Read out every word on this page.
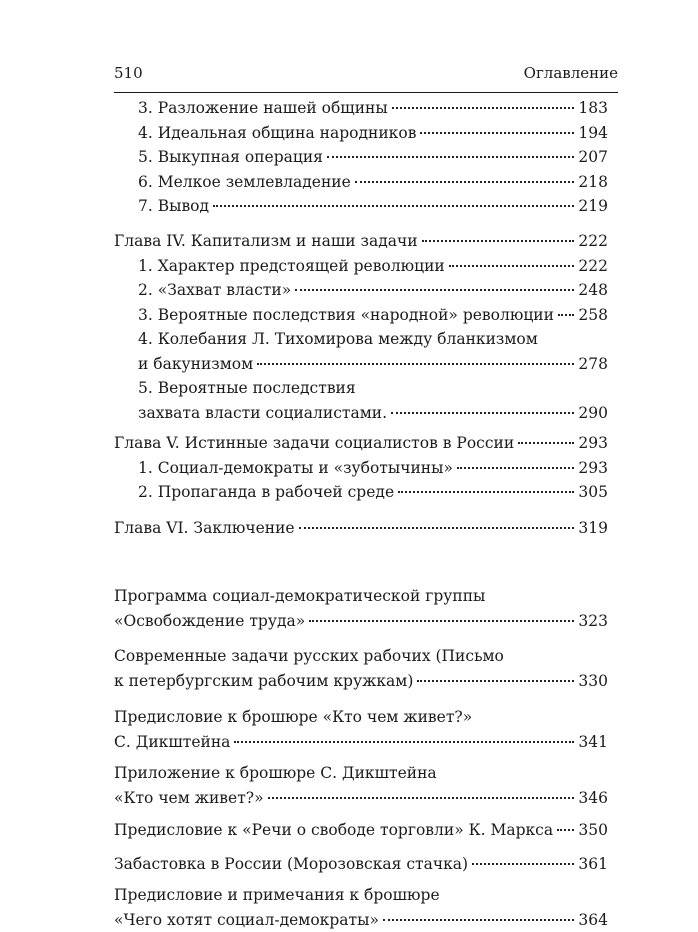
510	Оглавление
3. Разложение нашей общины	183
4. Идеальная община народников	194
5. Выкупная операция	207
6. Мелкое землевладение	218
7. Вывод	219
Глава IV. Капитализм и наши задачи	222
1. Характер предстоящей революции	222
2. «Захват власти»	248
3. Вероятные последствия «народной» революции 258
4. Колебания Л. Тихомирова между бланкизмом
и бакунизмом	278
5. Вероятные последствия
захвата власти социалистами.	290
Глава V. Истинные задачи социалистов в России	293
1. Социал-демократы и «зуботычины»	293
2. Пропаганда в рабочей среде	305
Глава VI. Заключение	319
Программа социал-демократической группы
«Освобождение труда»	323
Современные задачи русских рабочих (Письмо
к петербургским рабочим кружкам)	330
Предисловие к брошюре «Кто чем живет?»
С. Дикштейна	341
Приложение к брошюре С. Дикштейна
«Кто чем живет?»	346
Предисловие к «Речи о свободе торговли» К. Маркса 350
Забастовка в России (Морозовская стачка)	361
Предисловие и примечания к брошюре
«Чего хотят социал-демократы»	364
